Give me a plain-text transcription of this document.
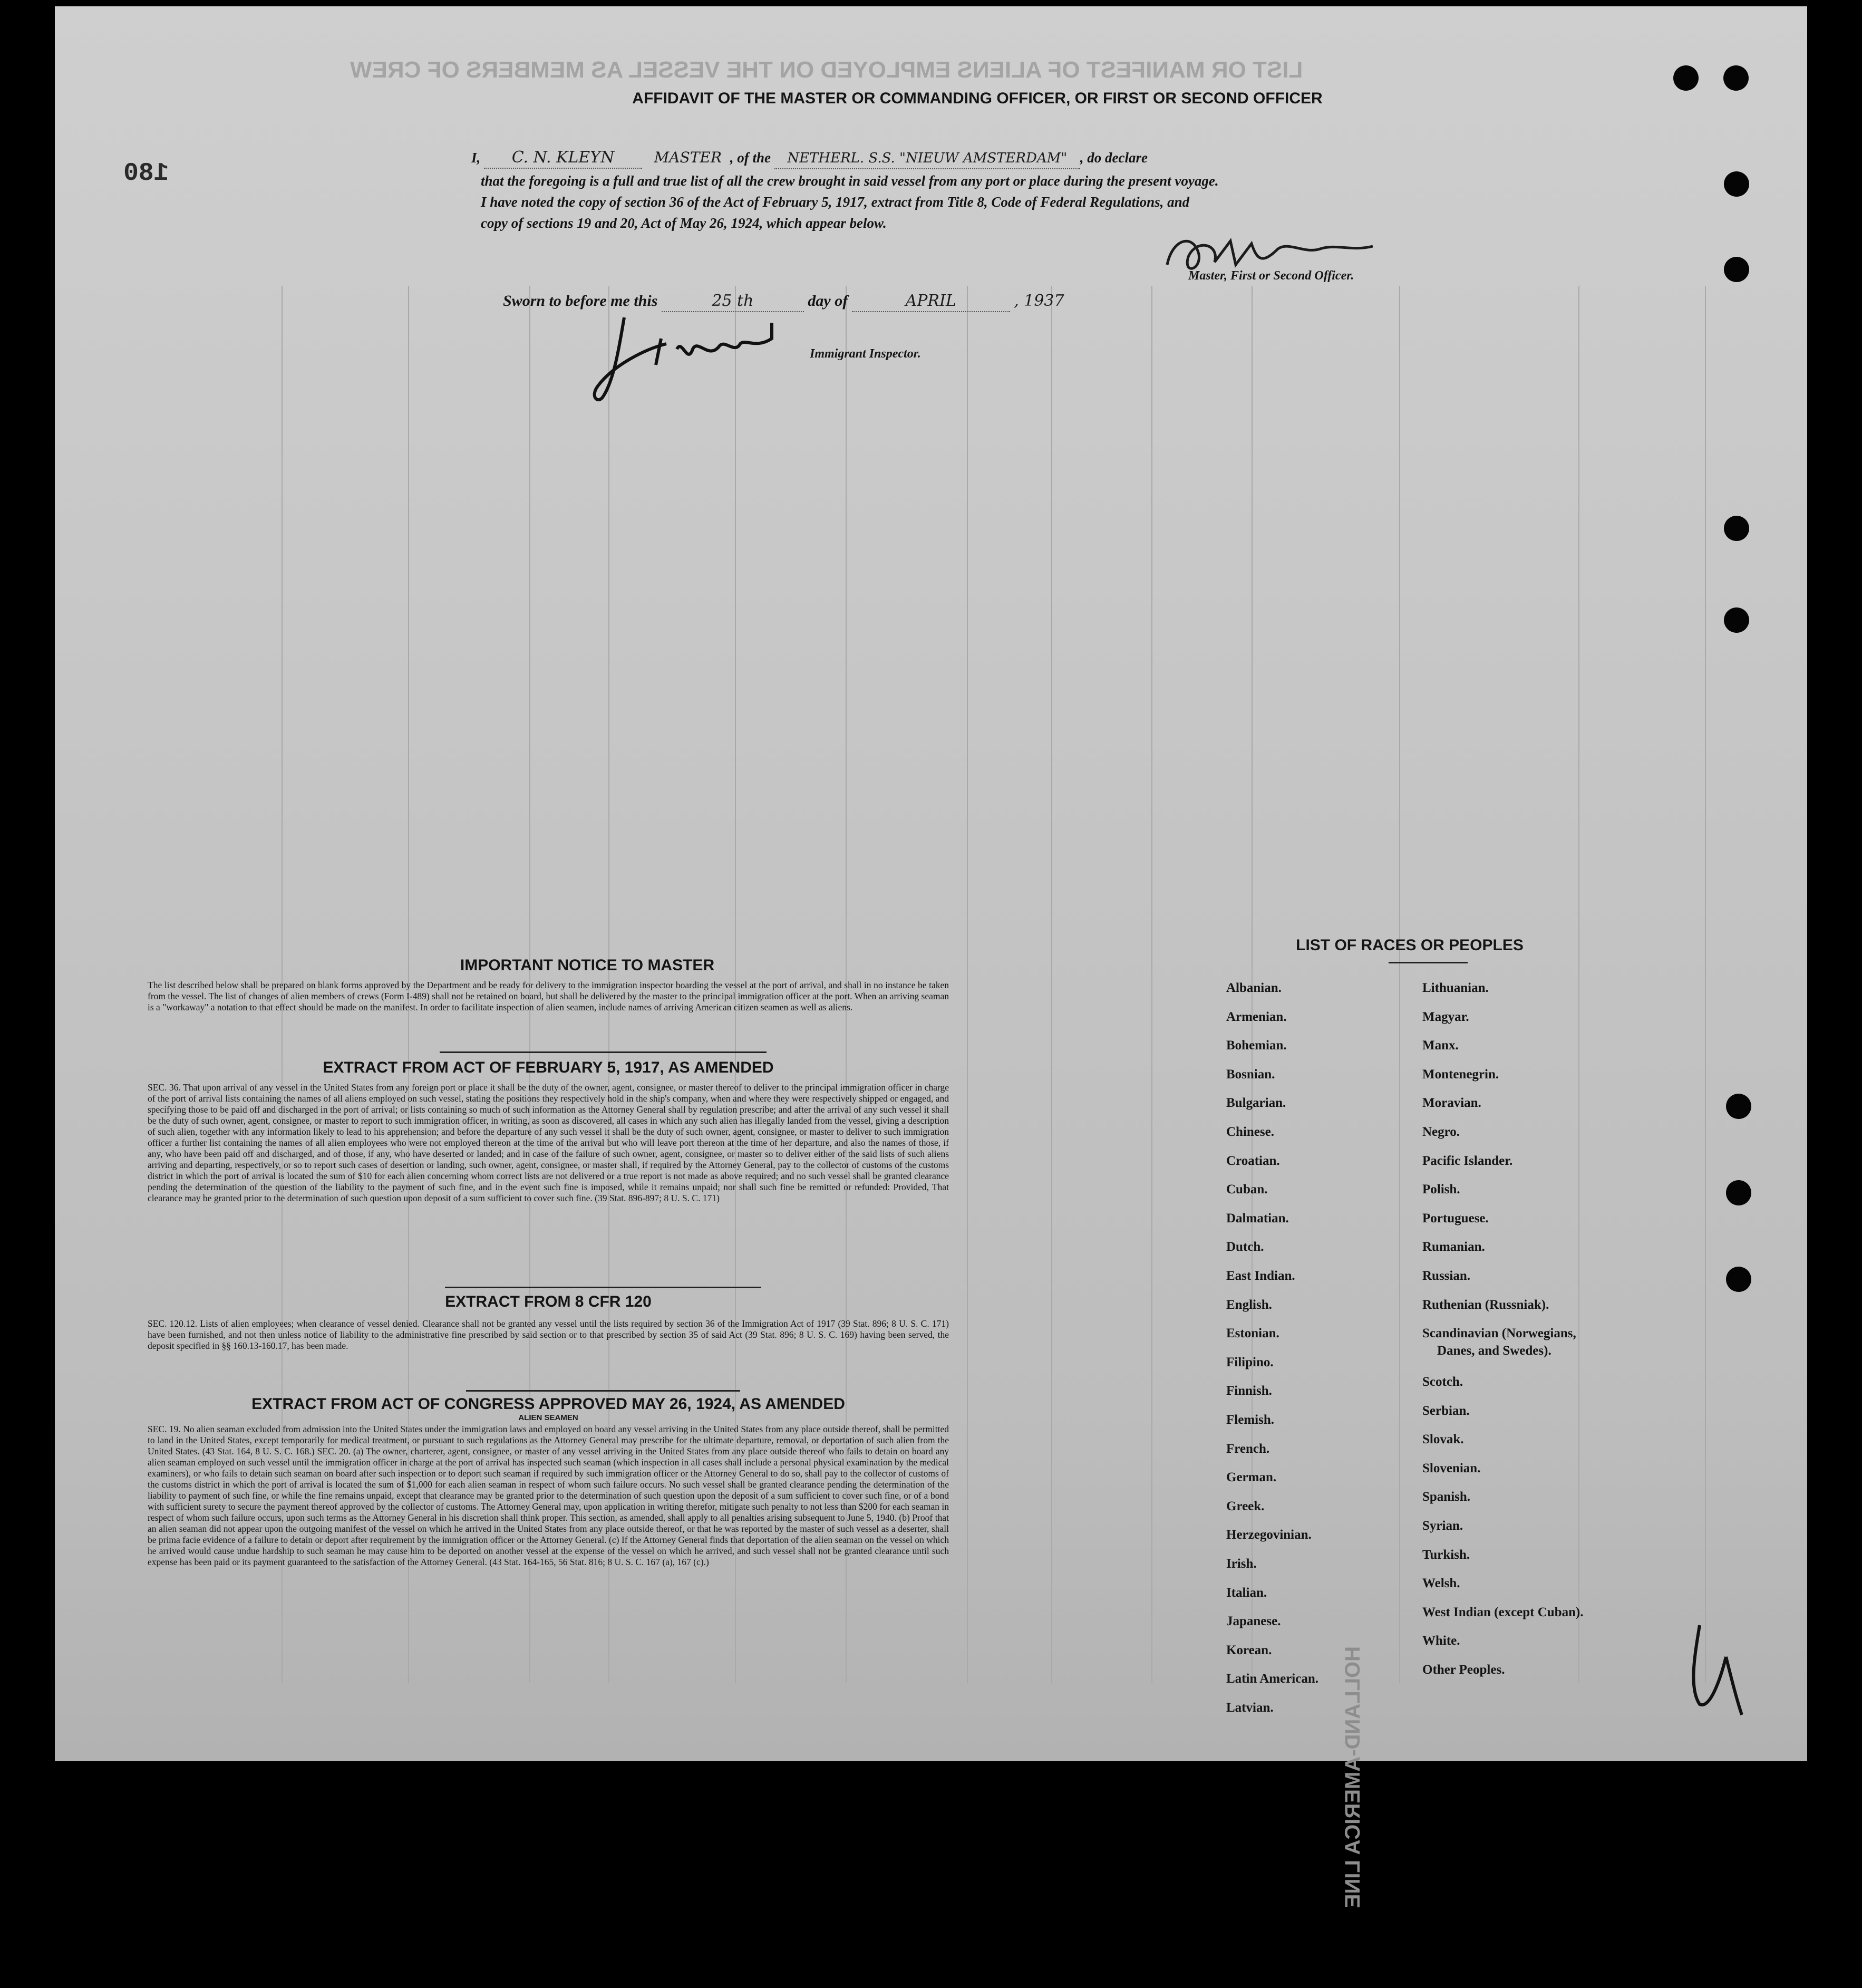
LIST OR MANIFEST OF ALIENS EMPLOYED ON THE VESSEL AS MEMBERS OF CREW
180
AFFIDAVIT OF THE MASTER OR COMMANDING OFFICER, OR FIRST OR SECOND OFFICER
I, C. N. KLEYN	MASTER , of the NETHERL. S.S. "NIEUW AMSTERDAM" , do declare
that the foregoing is a full and true list of all the crew brought in said vessel from any port or place during the present voyage.
I have noted the copy of section 36 of the Act of February 5, 1917, extract from Title 8, Code of Federal Regulations, and
copy of sections 19 and 20, Act of May 26, 1924, which appear below.
Master, First or Second Officer.
Sworn to before me this	25 th	day of	APRIL	, 1937
Immigrant Inspector.
IMPORTANT NOTICE TO MASTER
The list described below shall be prepared on blank forms approved by the Department and be ready for delivery to the immigration inspector boarding the vessel at the port of arrival, and shall in no instance be taken from the vessel. The list of changes of alien members of crews (Form I-489) shall not be retained on board, but shall be delivered by the master to the principal immigration officer at the port. When an arriving seaman is a "workaway" a notation to that effect should be made on the manifest. In order to facilitate inspection of alien seamen, include names of arriving American citizen seamen as well as aliens.
EXTRACT FROM ACT OF FEBRUARY 5, 1917, AS AMENDED
SEC. 36. That upon arrival of any vessel in the United States from any foreign port or place it shall be the duty of the owner, agent, consignee, or master thereof to deliver to the principal immigration officer in charge of the port of arrival lists containing the names of all aliens employed on such vessel, stating the positions they respectively hold in the ship's company, when and where they were respectively shipped or engaged, and specifying those to be paid off and discharged in the port of arrival; or lists containing so much of such information as the Attorney General shall by regulation prescribe; and after the arrival of any such vessel it shall be the duty of such owner, agent, consignee, or master to report to such immigration officer, in writing, as soon as discovered, all cases in which any such alien has illegally landed from the vessel, giving a description of such alien, together with any information likely to lead to his apprehension; and before the departure of any such vessel it shall be the duty of such owner, agent, consignee, or master to deliver to such immigration officer a further list containing the names of all alien employees who were not employed thereon at the time of the arrival but who will leave port thereon at the time of her departure, and also the names of those, if any, who have been paid off and discharged, and of those, if any, who have deserted or landed; and in case of the failure of such owner, agent, consignee, or master so to deliver either of the said lists of such aliens arriving and departing, respectively, or so to report such cases of desertion or landing, such owner, agent, consignee, or master shall, if required by the Attorney General, pay to the collector of customs of the customs district in which the port of arrival is located the sum of $10 for each alien concerning whom correct lists are not delivered or a true report is not made as above required; and no such vessel shall be granted clearance pending the determination of the question of the liability to the payment of such fine, and in the event such fine is imposed, while it remains unpaid; nor shall such fine be remitted or refunded: Provided, That clearance may be granted prior to the determination of such question upon deposit of a sum sufficient to cover such fine. (39 Stat. 896-897; 8 U. S. C. 171)
EXTRACT FROM 8 CFR 120
SEC. 120.12. Lists of alien employees; when clearance of vessel denied. Clearance shall not be granted any vessel until the lists required by section 36 of the Immigration Act of 1917 (39 Stat. 896; 8 U. S. C. 171) have been furnished, and not then unless notice of liability to the administrative fine prescribed by said section or to that prescribed by section 35 of said Act (39 Stat. 896; 8 U. S. C. 169) having been served, the deposit specified in §§ 160.13-160.17, has been made.
EXTRACT FROM ACT OF CONGRESS APPROVED MAY 26, 1924, AS AMENDED
ALIEN SEAMEN
SEC. 19. No alien seaman excluded from admission into the United States under the immigration laws and employed on board any vessel arriving in the United States from any place outside thereof, shall be permitted to land in the United States, except temporarily for medical treatment, or pursuant to such regulations as the Attorney General may prescribe for the ultimate departure, removal, or deportation of such alien from the United States. (43 Stat. 164, 8 U. S. C. 168.) SEC. 20. (a) The owner, charterer, agent, consignee, or master of any vessel arriving in the United States from any place outside thereof who fails to detain on board any alien seaman employed on such vessel until the immigration officer in charge at the port of arrival has inspected such seaman (which inspection in all cases shall include a personal physical examination by the medical examiners), or who fails to detain such seaman on board after such inspection or to deport such seaman if required by such immigration officer or the Attorney General to do so, shall pay to the collector of customs of the customs district in which the port of arrival is located the sum of $1,000 for each alien seaman in respect of whom such failure occurs. No such vessel shall be granted clearance pending the determination of the liability to payment of such fine, or while the fine remains unpaid, except that clearance may be granted prior to the determination of such question upon the deposit of a sum sufficient to cover such fine, or of a bond with sufficient surety to secure the payment thereof approved by the collector of customs. The Attorney General may, upon application in writing therefor, mitigate such penalty to not less than $200 for each seaman in respect of whom such failure occurs, upon such terms as the Attorney General in his discretion shall think proper. This section, as amended, shall apply to all penalties arising subsequent to June 5, 1940. (b) Proof that an alien seaman did not appear upon the outgoing manifest of the vessel on which he arrived in the United States from any place outside thereof, or that he was reported by the master of such vessel as a deserter, shall be prima facie evidence of a failure to detain or deport after requirement by the immigration officer or the Attorney General. (c) If the Attorney General finds that deportation of the alien seaman on the vessel on which he arrived would cause undue hardship to such seaman he may cause him to be deported on another vessel at the expense of the vessel on which he arrived, and such vessel shall not be granted clearance until such expense has been paid or its payment guaranteed to the satisfaction of the Attorney General. (43 Stat. 164-165, 56 Stat. 816; 8 U. S. C. 167 (a), 167 (c).)
LIST OF RACES OR PEOPLES
Albanian.
Armenian.
Bohemian.
Bosnian.
Bulgarian.
Chinese.
Croatian.
Cuban.
Dalmatian.
Dutch.
East Indian.
English.
Estonian.
Filipino.
Finnish.
Flemish.
French.
German.
Greek.
Herzegovinian.
Irish.
Italian.
Japanese.
Korean.
Latin American.
Latvian.
Lithuanian.
Magyar.
Manx.
Montenegrin.
Moravian.
Negro.
Pacific Islander.
Polish.
Portuguese.
Rumanian.
Russian.
Ruthenian (Russniak).
Scandinavian (Norwegians,
Danes, and Swedes).
Scotch.
Serbian.
Slovak.
Slovenian.
Spanish.
Syrian.
Turkish.
Welsh.
West Indian (except Cuban).
White.
Other Peoples.
HOLLAND-AMERICA LINE
